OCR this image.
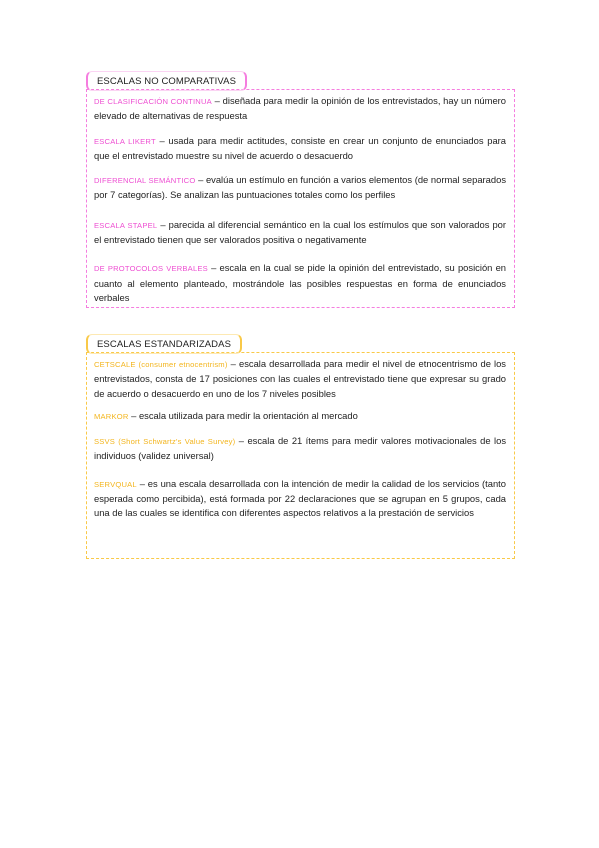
ESCALAS NO COMPARATIVAS

DE CLASIFICACIÓN CONTINUA – diseñada para medir la opinión de los entrevistados, hay un número elevado de alternativas de respuesta

ESCALA LIKERT – usada para medir actitudes, consiste en crear un conjunto de enunciados para que el entrevistado muestre su nivel de acuerdo o desacuerdo

DIFERENCIAL SEMÁNTICO – evalúa un estímulo en función a varios elementos (de normal separados por 7 categorías). Se analizan las puntuaciones totales como los perfiles

ESCALA STAPEL – parecida al diferencial semántico en la cual los estímulos que son valorados por el entrevistado tienen que ser valorados positiva o negativamente

DE PROTOCOLOS VERBALES – escala en la cual se pide la opinión del entrevistado, su posición en cuanto al elemento planteado, mostrándole las posibles respuestas en forma de enunciados verbales

ESCALAS ESTANDARIZADAS

CETSCALE (consumer etnocentrism) – escala desarrollada para medir el nivel de etnocentrismo de los entrevistados, consta de 17 posiciones con las cuales el entrevistado tiene que expresar su grado de acuerdo o desacuerdo en uno de los 7 niveles posibles

MARKOR – escala utilizada para medir la orientación al mercado

SSVS (Short Schwartz's Value Survey) – escala de 21 ítems para medir valores motivacionales de los individuos (validez universal)

SERVQUAL – es una escala desarrollada con la intención de medir la calidad de los servicios (tanto esperada como percibida), está formada por 22 declaraciones que se agrupan en 5 grupos, cada una de las cuales se identifica con diferentes aspectos relativos a la prestación de servicios
